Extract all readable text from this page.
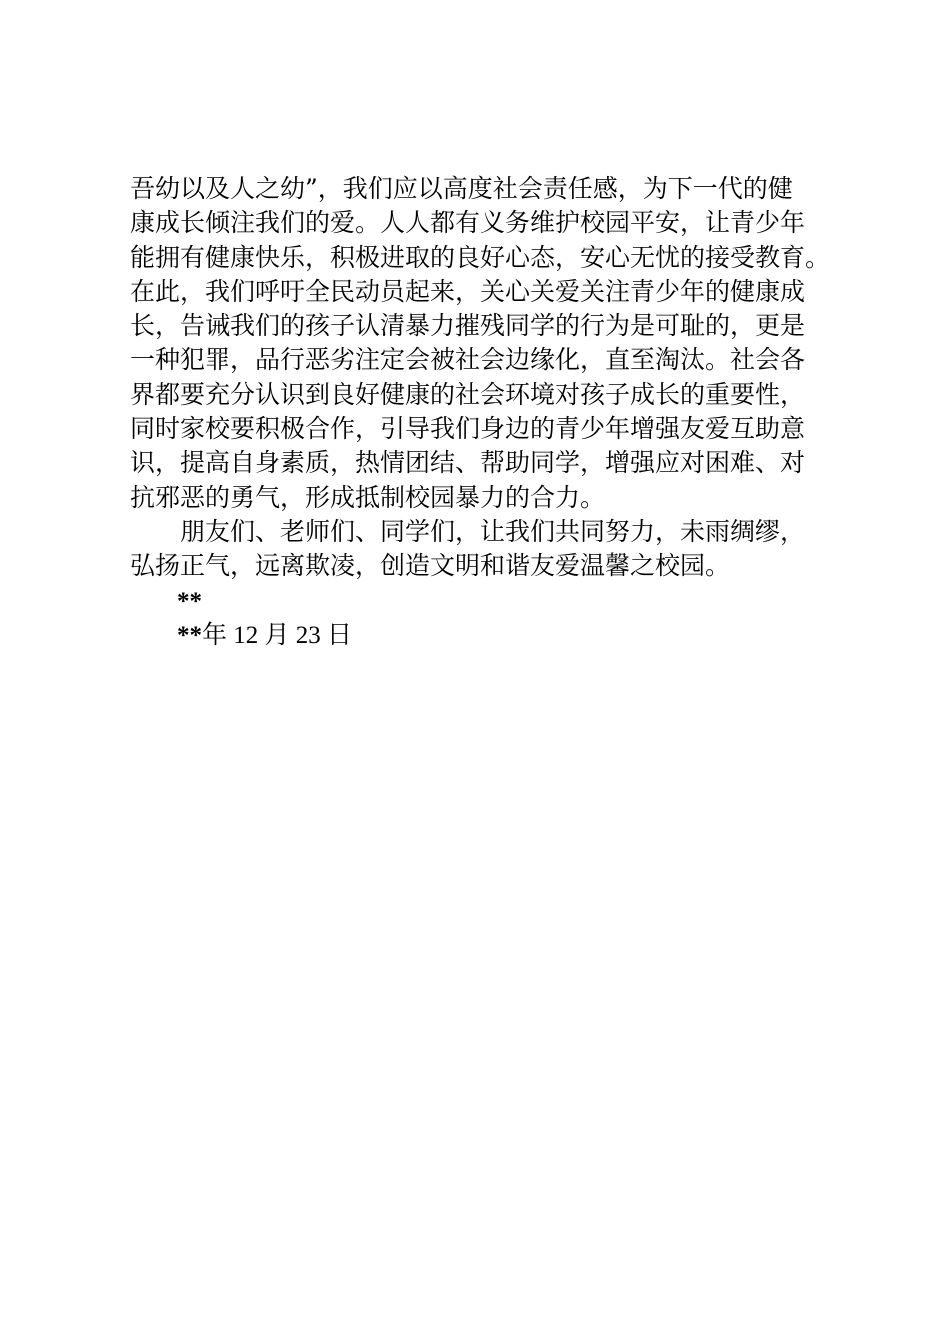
吾幼以及人之幼”，我们应以高度社会责任感，为下一代的健
康成长倾注我们的爱。人人都有义务维护校园平安，让青少年
能拥有健康快乐，积极进取的良好心态，安心无忧的接受教育。
在此，我们呼吁全民动员起来，关心关爱关注青少年的健康成
长，告诫我们的孩子认清暴力摧残同学的行为是可耻的，更是
一种犯罪，品行恶劣注定会被社会边缘化，直至淘汰。社会各
界都要充分认识到良好健康的社会环境对孩子成长的重要性，
同时家校要积极合作，引导我们身边的青少年增强友爱互助意
识，提高自身素质，热情团结、帮助同学，增强应对困难、对
抗邪恶的勇气，形成抵制校园暴力的合力。
朋友们、老师们、同学们，让我们共同努力，未雨绸缪，
弘扬正气，远离欺凌，创造文明和谐友爱温馨之校园。
**
**年 12 月 23 日
